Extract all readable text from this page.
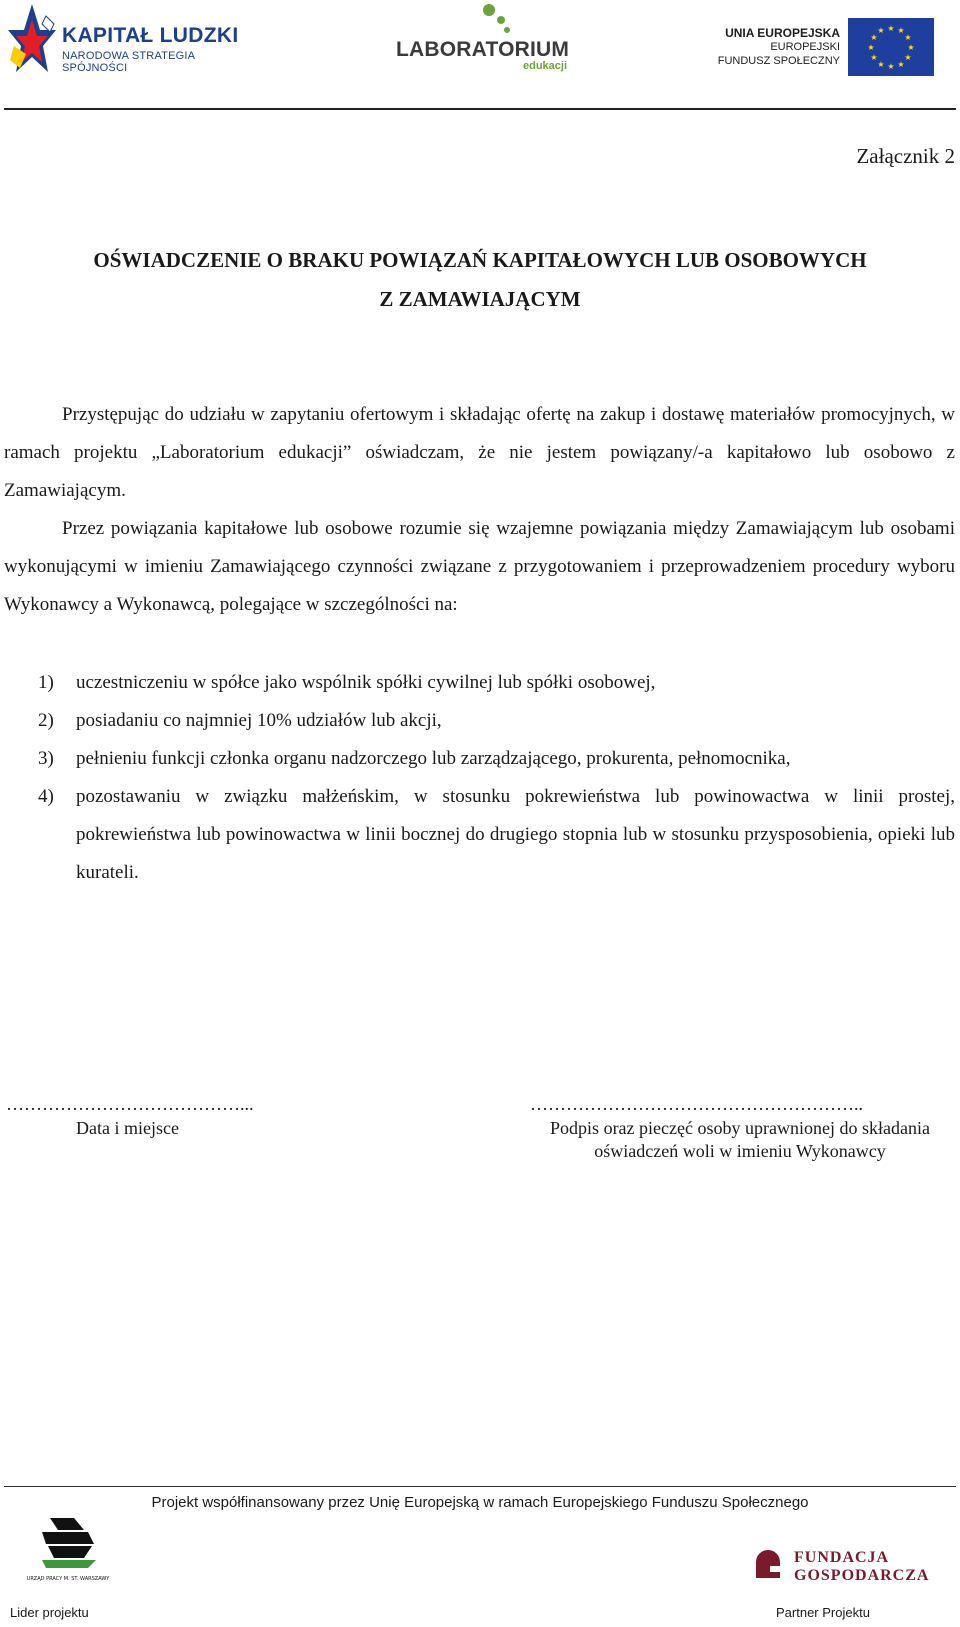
KAPITAŁ LUDZKI
NARODOWA STRATEGIA SPÓJNOŚCI
LABORATORIUM
edukacji
UNIA EUROPEJSKA
EUROPEJSKI
FUNDUSZ SPOŁECZNY
★ ★
★
★
★
★
★
★
★
★
★
★
Załącznik 2
OŚWIADCZENIE O BRAKU POWIĄZAŃ KAPITAŁOWYCH LUB OSOBOWYCH
Z ZAMAWIAJĄCYM
Przystępując do udziału w zapytaniu ofertowym i składając ofertę na zakup i dostawę materiałów promocyjnych, w ramach projektu „Laboratorium edukacji” oświadczam, że nie jestem powiązany/-a kapitałowo lub osobowo z Zamawiającym.
Przez powiązania kapitałowe lub osobowe rozumie się wzajemne powiązania między Zamawiającym lub osobami wykonującymi w imieniu Zamawiającego czynności związane z przygotowaniem i przeprowadzeniem procedury wyboru Wykonawcy a Wykonawcą, polegające w szczególności na:
1) uczestniczeniu w spółce jako wspólnik spółki cywilnej lub spółki osobowej,
2) posiadaniu co najmniej 10% udziałów lub akcji,
3) pełnieniu funkcji członka organu nadzorczego lub zarządzającego, prokurenta, pełnomocnika,
4) pozostawaniu w związku małżeńskim, w stosunku pokrewieństwa lub powinowactwa w linii prostej, pokrewieństwa lub powinowactwa w linii bocznej do drugiego stopnia lub w stosunku przysposobienia, opieki lub kurateli.
…………………………………...
Data i miejsce
………………………………………………..
Podpis oraz pieczęć osoby uprawnionej do składania
oświadczeń woli w imieniu Wykonawcy
Projekt współfinansowany przez Unię Europejską w ramach Europejskiego Funduszu Społecznego
URZĄD PRACY M. ST. WARSZAWY
Lider projektu
FUNDACJA
GOSPODARCZA
Partner Projektu
